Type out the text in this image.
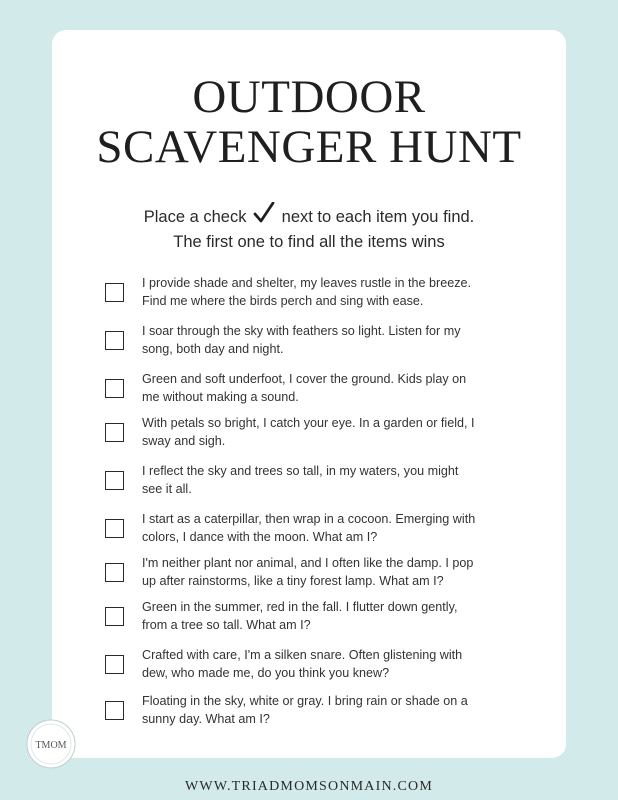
OUTDOOR
SCAVENGER HUNT
Place a check next to each item you find.
The first one to find all the items wins
I provide shade and shelter, my leaves rustle in the breeze.
Find me where the birds perch and sing with ease.
I soar through the sky with feathers so light. Listen for my
song, both day and night.
Green and soft underfoot, I cover the ground. Kids play on
me without making a sound.
With petals so bright, I catch your eye. In a garden or field, I
sway and sigh.
I reflect the sky and trees so tall, in my waters, you might
see it all.
I start as a caterpillar, then wrap in a cocoon. Emerging with
colors, I dance with the moon. What am I?
I'm neither plant nor animal, and I often like the damp. I pop
up after rainstorms, like a tiny forest lamp. What am I?
Green in the summer, red in the fall. I flutter down gently,
from a tree so tall. What am I?
Crafted with care, I'm a silken snare. Often glistening with
dew, who made me, do you think you knew?
Floating in the sky, white or gray. I bring rain or shade on a
sunny day. What am I?
TMOM
WWW.TRIADMOMSONMAIN.COM
